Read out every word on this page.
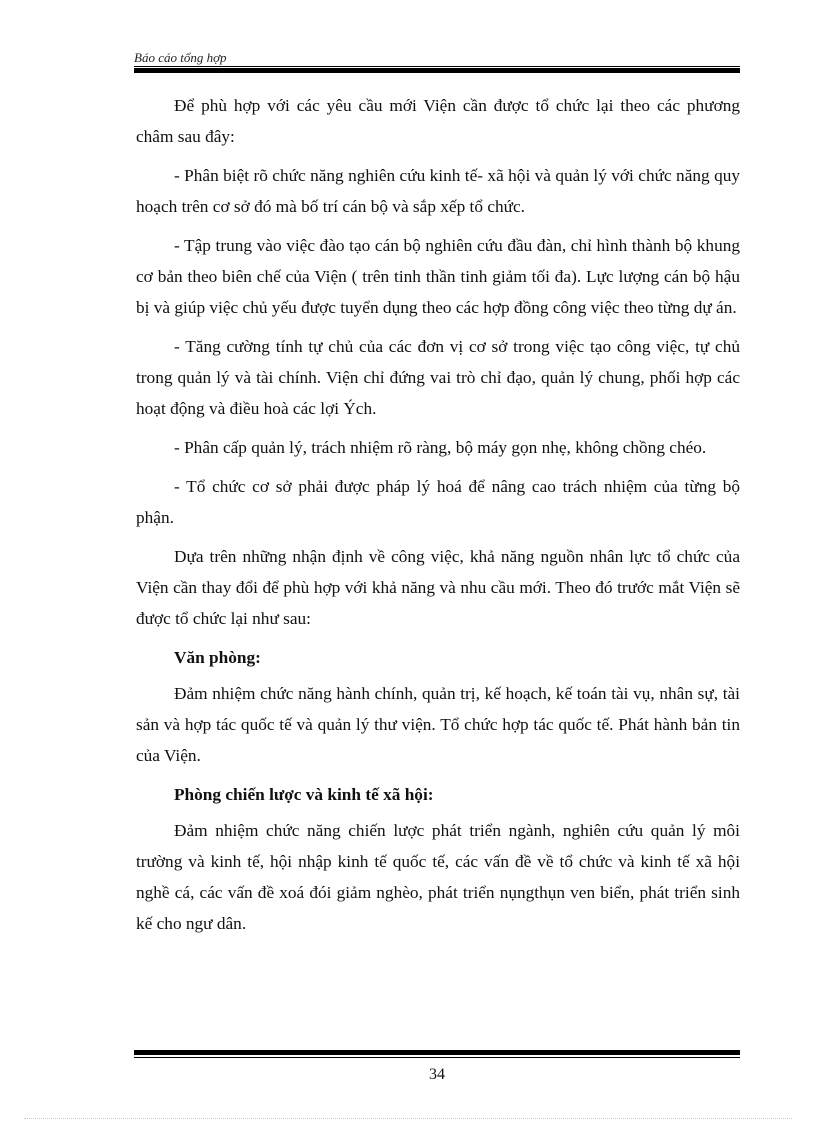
Báo cáo tổng hợp

Để phù hợp với các yêu cầu mới Viện cần được tổ chức lại theo các phương châm sau đây:

- Phân biệt rõ chức năng nghiên cứu kinh tế- xã hội và quản lý với chức năng quy hoạch trên cơ sở đó mà bố trí cán bộ và sắp xếp tổ chức.

- Tập trung vào việc đào tạo cán bộ nghiên cứu đầu đàn, chỉ hình thành bộ khung cơ bản theo biên chế của Viện ( trên tinh thần tinh giảm tối đa). Lực lượng cán bộ hậu bị và giúp việc chủ yếu được tuyển dụng theo các hợp đồng công việc theo từng dự án.

- Tăng cường tính tự chủ của các đơn vị cơ sở trong việc tạo công việc, tự chủ trong quản lý và tài chính. Viện chỉ đứng vai trò chỉ đạo, quản lý chung, phối hợp các hoạt động và điều hoà các lợi Ých.

- Phân cấp quản lý, trách nhiệm rõ ràng, bộ máy gọn nhẹ, không chồng chéo.

- Tổ chức cơ sở phải được pháp lý hoá để nâng cao trách nhiệm của từng bộ phận.

Dựa trên những nhận định về công việc, khả năng nguồn nhân lực tổ chức của Viện cần thay đổi để phù hợp với khả năng và nhu cầu mới. Theo đó trước mắt Viện sẽ được tổ chức lại như sau:

Văn phòng:

Đảm nhiệm chức năng hành chính, quản trị, kế hoạch, kế toán tài vụ, nhân sự, tài sản và hợp tác quốc tế và quản lý thư viện. Tổ chức hợp tác quốc tế. Phát hành bản tin của Viện.

Phòng chiến lược và kinh tế xã hội:

Đảm nhiệm chức năng chiến lược phát triển ngành, nghiên cứu quản lý môi trường và kinh tế, hội nhập kinh tế quốc tế, các vấn đề về tổ chức và kinh tế xã hội nghề cá, các vấn đề xoá đói giảm nghèo, phát triển nụngthụn ven biển, phát triển sinh kế cho ngư dân.

34
